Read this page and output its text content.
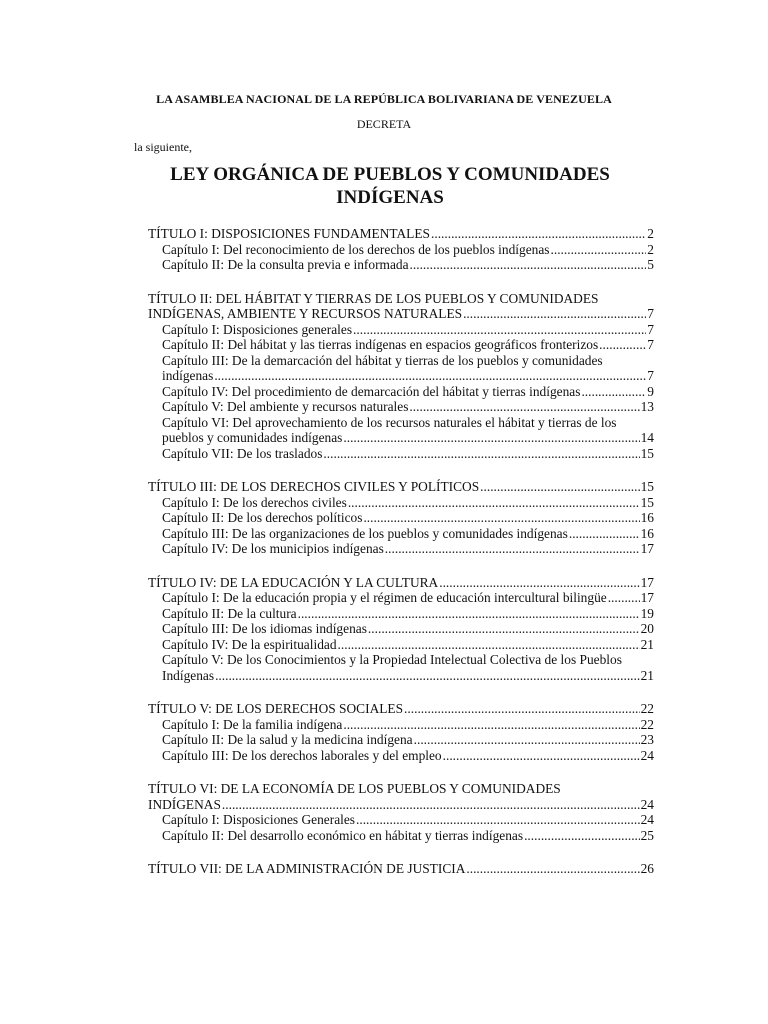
LA ASAMBLEA NACIONAL DE LA REPÚBLICA BOLIVARIANA DE VENEZUELA
DECRETA
la siguiente,
LEY ORGÁNICA DE PUEBLOS Y COMUNIDADES
INDÍGENAS
TÍTULO I: DISPOSICIONES FUNDAMENTALES .....	2
Capítulo I: Del reconocimiento de los derechos de los pueblos indígenas .....	2
Capítulo II: De la consulta previa e informada .....	5
TÍTULO II: DEL HÁBITAT Y TIERRAS DE LOS PUEBLOS Y COMUNIDADES
INDÍGENAS, AMBIENTE Y RECURSOS NATURALES .....	7
Capítulo I: Disposiciones generales .....	7
Capítulo II: Del hábitat y las tierras indígenas en espacios geográficos fronterizos .....	7
Capítulo III: De la demarcación del hábitat y tierras de los pueblos y comunidades
indígenas .....	7
Capítulo IV: Del procedimiento de demarcación del hábitat y tierras indígenas .....	9
Capítulo V: Del ambiente y recursos naturales .....	13
Capítulo VI: Del aprovechamiento de los recursos naturales el hábitat y tierras de los
pueblos y comunidades indígenas .....	14
Capítulo VII: De los traslados .....	15
TÍTULO III: DE LOS DERECHOS CIVILES Y POLÍTICOS .....	15
Capítulo I: De los derechos civiles .....	15
Capítulo II: De los derechos políticos .....	16
Capítulo III: De las organizaciones de los pueblos y comunidades indígenas .....	16
Capítulo IV: De los municipios indígenas .....	17
TÍTULO IV: DE LA EDUCACIÓN Y LA CULTURA .....	17
Capítulo I: De la educación propia y el régimen de educación intercultural bilingüe .....	17
Capítulo II: De la cultura .....	19
Capítulo III: De los idiomas indígenas .....	20
Capítulo IV: De la espiritualidad .....	21
Capítulo V: De los Conocimientos y la Propiedad Intelectual Colectiva de los Pueblos
Indígenas .....	21
TÍTULO V: DE LOS DERECHOS SOCIALES .....	22
Capítulo I: De la familia indígena .....	22
Capítulo II: De la salud y la medicina indígena .....	23
Capítulo III: De los derechos laborales y del empleo .....	24
TÍTULO VI: DE LA ECONOMÍA DE LOS PUEBLOS Y COMUNIDADES
INDÍGENAS .....	24
Capítulo I: Disposiciones Generales .....	24
Capítulo II: Del desarrollo económico en hábitat y tierras indígenas .....	25
TÍTULO VII: DE LA ADMINISTRACIÓN DE JUSTICIA .....	26
